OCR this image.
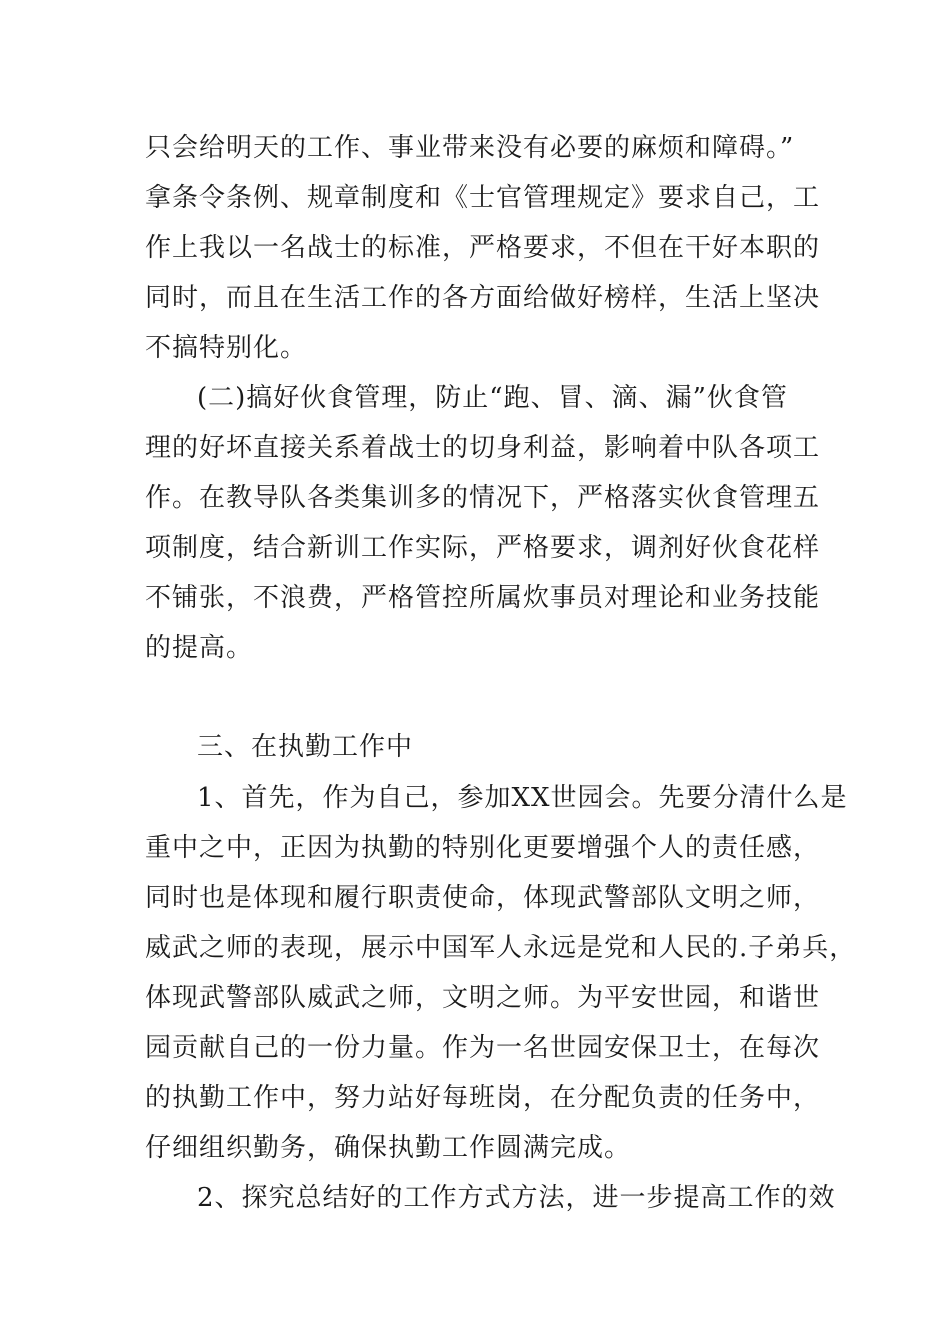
只会给明天的工作、事业带来没有必要的麻烦和障碍。”
拿条令条例、规章制度和《士官管理规定》要求自己，工
作上我以一名战士的标准，严格要求，不但在干好本职的
同时，而且在生活工作的各方面给做好榜样，生活上坚决
不搞特别化。
(二)搞好伙食管理，防止“跑、冒、滴、漏”伙食管
理的好坏直接关系着战士的切身利益，影响着中队各项工
作。在教导队各类集训多的情况下，严格落实伙食管理五
项制度，结合新训工作实际，严格要求，调剂好伙食花样
不铺张，不浪费，严格管控所属炊事员对理论和业务技能
的提高。
三、在执勤工作中
1、首先，作为自己，参加XX世园会。先要分清什么是
重中之中，正因为执勤的特别化更要增强个人的责任感，
同时也是体现和履行职责使命，体现武警部队文明之师，
威武之师的表现，展示中国军人永远是党和人民的.子弟兵，
体现武警部队威武之师，文明之师。为平安世园，和谐世
园贡献自己的一份力量。作为一名世园安保卫士，在每次
的执勤工作中，努力站好每班岗，在分配负责的任务中，
仔细组织勤务，确保执勤工作圆满完成。
2、探究总结好的工作方式方法，进一步提高工作的效
